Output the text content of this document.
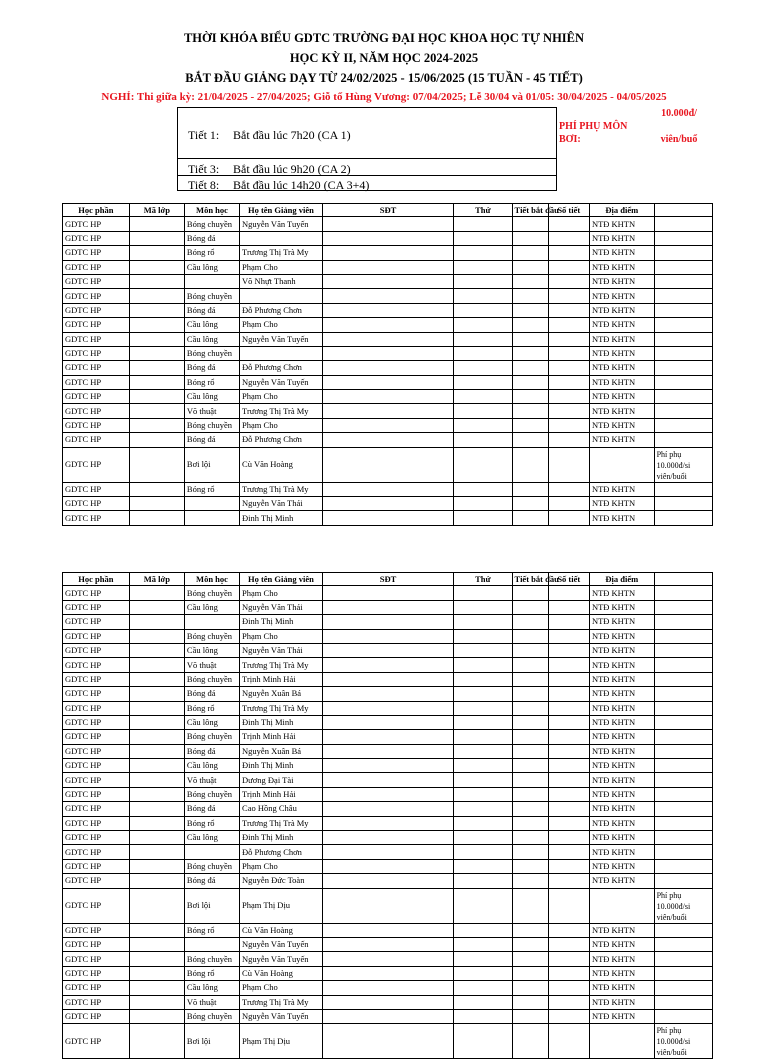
THỜI KHÓA BIỂU GDTC TRƯỜNG ĐẠI HỌC KHOA HỌC TỰ NHIÊN
HỌC KỲ II, NĂM HỌC 2024-2025
BẮT ĐẦU GIẢNG DẠY TỪ 24/02/2025 - 15/06/2025 (15 TUẦN - 45 TIẾT)
NGHỈ: Thi giữa kỳ: 21/04/2025 - 27/04/2025; Giỗ tổ Hùng Vương: 07/04/2025; Lễ 30/04 và 01/05: 30/04/2025 - 04/05/2025
Tiết 1: Bắt đầu lúc 7h20 (CA 1)
Tiết 3: Bắt đầu lúc 9h20 (CA 2)
Tiết 8: Bắt đầu lúc 14h20 (CA 3+4)
PHÍ PHỤ MÔN
BƠI:
10.000đ/
viên/buổ
Học phần	Mã lớp	Môn học	Họ tên Giảng viên	SĐT	Thứ	Tiết bắt đầu	Số tiết	Địa điểm	
GDTC HP		Bóng chuyền	Nguyễn Văn Tuyến					NTĐ KHTN	
GDTC HP		Bóng đá						NTĐ KHTN	
GDTC HP		Bóng rổ	Trương Thị Trà My					NTĐ KHTN	
GDTC HP		Cầu lông	Phạm Cho					NTĐ KHTN	
GDTC HP			Võ Nhựt Thanh					NTĐ KHTN	
GDTC HP		Bóng chuyền						NTĐ KHTN	
GDTC HP		Bóng đá	Đỗ Phương Chơn					NTĐ KHTN	
GDTC HP		Cầu lông	Phạm Cho					NTĐ KHTN	
GDTC HP		Cầu lông	Nguyễn Văn Tuyến					NTĐ KHTN	
GDTC HP		Bóng chuyền						NTĐ KHTN	
GDTC HP		Bóng đá	Đỗ Phương Chơn					NTĐ KHTN	
GDTC HP		Bóng rổ	Nguyễn Văn Tuyến					NTĐ KHTN	
GDTC HP		Cầu lông	Phạm Cho					NTĐ KHTN	
GDTC HP		Võ thuật	Trương Thị Trà My					NTĐ KHTN	
GDTC HP		Bóng chuyền	Phạm Cho					NTĐ KHTN	
GDTC HP		Bóng đá	Đỗ Phương Chơn					NTĐ KHTN	
GDTC HP		Bơi lội	Cù Văn Hoàng						Phí phụ 10.000đ/si viên/buổi
GDTC HP		Bóng rổ	Trương Thị Trà My					NTĐ KHTN	
GDTC HP			Nguyễn Văn Thái					NTĐ KHTN	
GDTC HP			Đinh Thị Minh					NTĐ KHTN	
Học phần	Mã lớp	Môn học	Họ tên Giảng viên	SĐT	Thứ	Tiết bắt đầu	Số tiết	Địa điểm	
GDTC HP		Bóng chuyền	Phạm Cho					NTĐ KHTN	
GDTC HP		Cầu lông	Nguyễn Văn Thái					NTĐ KHTN	
GDTC HP			Đinh Thị Minh					NTĐ KHTN	
GDTC HP		Bóng chuyền	Phạm Cho					NTĐ KHTN	
GDTC HP		Cầu lông	Nguyễn Văn Thái					NTĐ KHTN	
GDTC HP		Võ thuật	Trương Thị Trà My					NTĐ KHTN	
GDTC HP		Bóng chuyền	Trịnh Minh Hải					NTĐ KHTN	
GDTC HP		Bóng đá	Nguyễn Xuân Bá					NTĐ KHTN	
GDTC HP		Bóng rổ	Trương Thị Trà My					NTĐ KHTN	
GDTC HP		Cầu lông	Đinh Thị Minh					NTĐ KHTN	
GDTC HP		Bóng chuyền	Trịnh Minh Hải					NTĐ KHTN	
GDTC HP		Bóng đá	Nguyễn Xuân Bá					NTĐ KHTN	
GDTC HP		Cầu lông	Đinh Thị Minh					NTĐ KHTN	
GDTC HP		Võ thuật	Dương Đại Tài					NTĐ KHTN	
GDTC HP		Bóng chuyền	Trịnh Minh Hải					NTĐ KHTN	
GDTC HP		Bóng đá	Cao Hồng Châu					NTĐ KHTN	
GDTC HP		Bóng rổ	Trương Thị Trà My					NTĐ KHTN	
GDTC HP		Cầu lông	Đinh Thị Minh					NTĐ KHTN	
GDTC HP			Đỗ Phương Chơn					NTĐ KHTN	
GDTC HP		Bóng chuyền	Phạm Cho					NTĐ KHTN	
GDTC HP		Bóng đá	Nguyễn Đức Toàn					NTĐ KHTN	
GDTC HP		Bơi lội	Phạm Thị Dịu						Phí phụ 10.000đ/si viên/buổi
GDTC HP		Bóng rổ	Cù Văn Hoàng					NTĐ KHTN	
GDTC HP			Nguyễn Văn Tuyến					NTĐ KHTN	
GDTC HP		Bóng chuyền	Nguyễn Văn Tuyến					NTĐ KHTN	
GDTC HP		Bóng rổ	Cù Văn Hoàng					NTĐ KHTN	
GDTC HP		Cầu lông	Phạm Cho					NTĐ KHTN	
GDTC HP		Võ thuật	Trương Thị Trà My					NTĐ KHTN	
GDTC HP		Bóng chuyền	Nguyễn Văn Tuyến					NTĐ KHTN	
GDTC HP		Bơi lội	Phạm Thị Dịu						Phí phụ 10.000đ/si viên/buổi
